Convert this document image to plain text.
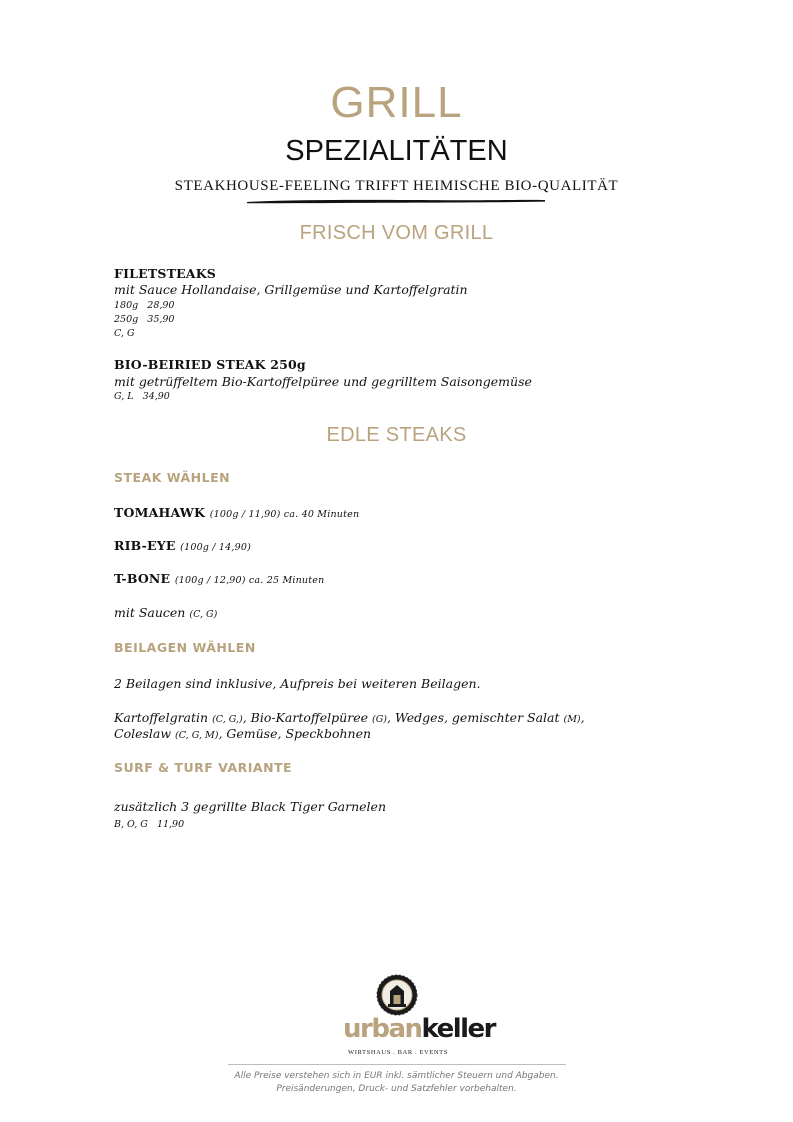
GRILL
SPEZIALITÄTEN
STEAKHOUSE-FEELING TRIFFT HEIMISCHE BIO-QUALITÄT
FRISCH VOM GRILL
FILETSTEAKS
mit Sauce Hollandaise, Grillgemüse und Kartoffelgratin
180g   28,90
250g   35,90
C, G
BIO-BEIRIED STEAK 250g
mit getrüffeltem Bio-Kartoffelpüree und gegrilltem Saisongemüse
G, L   34,90
EDLE STEAKS
STEAK WÄHLEN
TOMAHAWK (100g / 11,90) ca. 40 Minuten
RIB-EYE (100g / 14,90)
T-BONE (100g / 12,90) ca. 25 Minuten
mit Saucen (C, G)
BEILAGEN WÄHLEN
2 Beilagen sind inklusive, Aufpreis bei weiteren Beilagen.
Kartoffelgratin (C, G,), Bio-Kartoffelpüree (G), Wedges, gemischter Salat (M),
Coleslaw (C, G, M), Gemüse, Speckbohnen
SURF & TURF VARIANTE
zusätzlich 3 gegrillte Black Tiger Garnelen
B, O, G   11,90
urbankeller
WIRTSHAUS . BAR . EVENTS
Alle Preise verstehen sich in EUR inkl. sämtlicher Steuern und Abgaben.
Preisänderungen, Druck- und Satzfehler vorbehalten.
